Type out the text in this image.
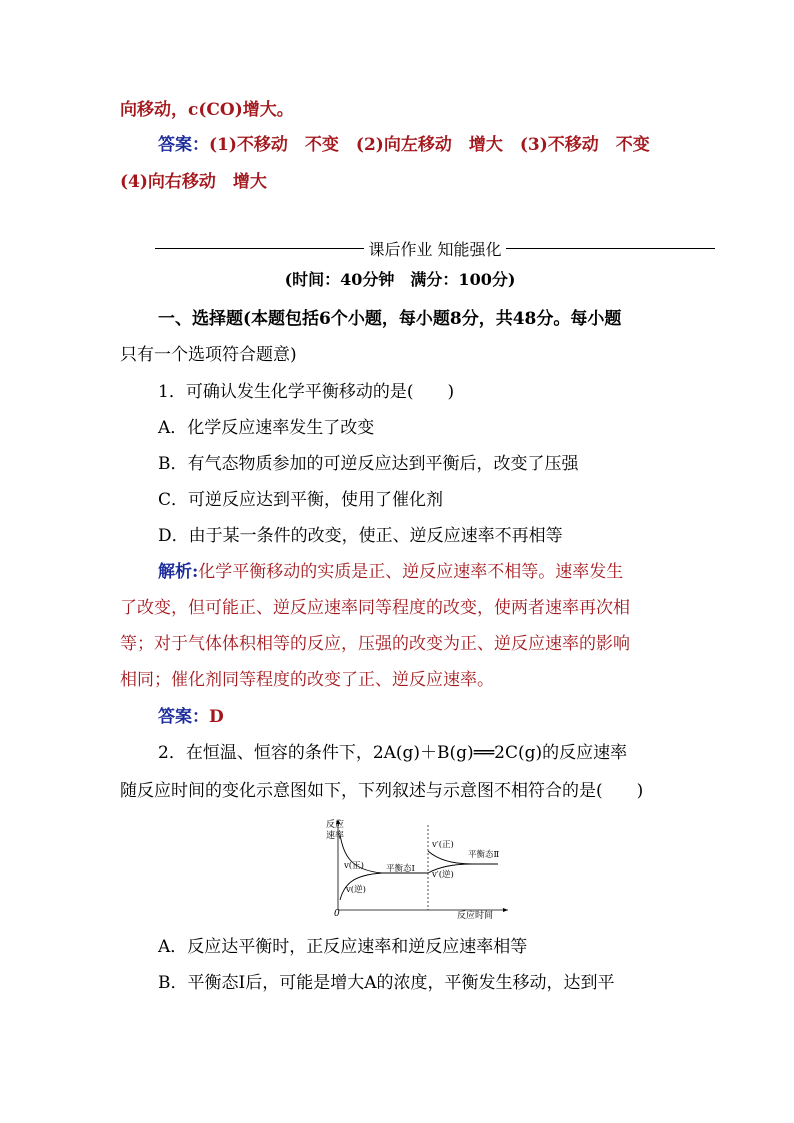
向移动，c(CO)增大。
答案：(1)不移动　不变　(2)向左移动　增大　(3)不移动　不变
(4)向右移动　增大
课后作业 知能强化
(时间：40分钟　满分：100分)
一、选择题(本题包括6个小题，每小题8分，共48分。每小题
只有一个选项符合题意)
1．可确认发生化学平衡移动的是(　　)
A．化学反应速率发生了改变
B．有气态物质参加的可逆反应达到平衡后，改变了压强
C．可逆反应达到平衡，使用了催化剂
D．由于某一条件的改变，使正、逆反应速率不再相等
解析:化学平衡移动的实质是正、逆反应速率不相等。速率发生
了改变，但可能正、逆反应速率同等程度的改变，使两者速率再次相
等；对于气体体积相等的反应，压强的改变为正、逆反应速率的影响
相同；催化剂同等程度的改变了正、逆反应速率。
答案：D
2．在恒温、恒容的条件下，2A(g)＋B(g)══2C(g)的反应速率
随反应时间的变化示意图如下，下列叙述与示意图不相符合的是(　　)
反应
速率
0	反应时间
v(正)
v(逆)
平衡态Ⅰ
v′(正)
v′(逆)
平衡态Ⅱ
A．反应达平衡时，正反应速率和逆反应速率相等
B．平衡态Ⅰ后，可能是增大A的浓度，平衡发生移动，达到平
